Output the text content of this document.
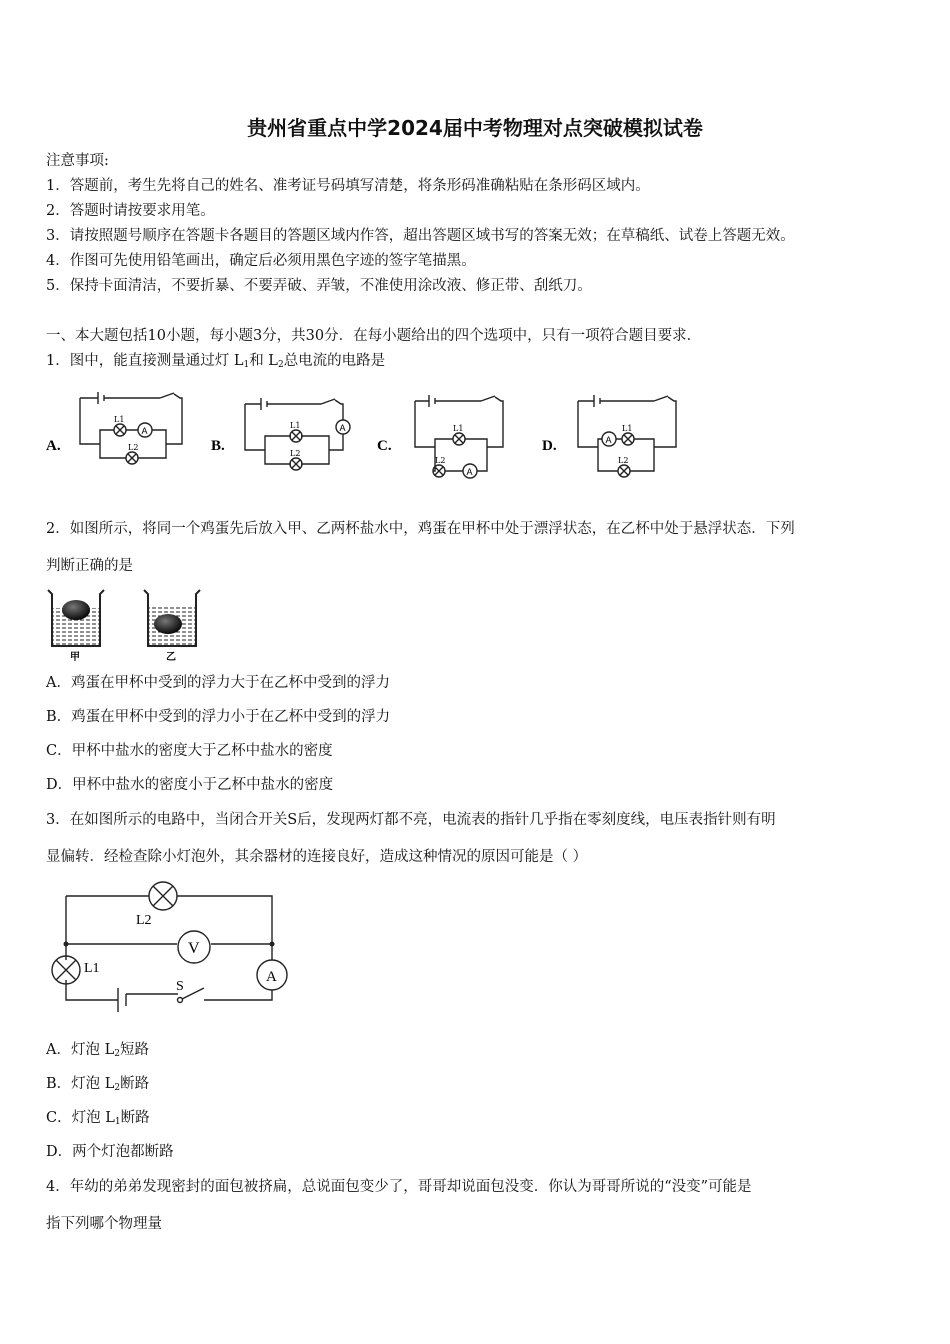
贵州省重点中学2024届中考物理对点突破模拟试卷
注意事项:
1．答题前，考生先将自己的姓名、准考证号码填写清楚，将条形码准确粘贴在条形码区域内。
2．答题时请按要求用笔。
3．请按照题号顺序在答题卡各题目的答题区域内作答，超出答题区域书写的答案无效；在草稿纸、试卷上答题无效。
4．作图可先使用铅笔画出，确定后必须用黑色字迹的签字笔描黑。
5．保持卡面清洁，不要折暴、不要弄破、弄皱，不准使用涂改液、修正带、刮纸刀。
一、本大题包括10小题，每小题3分，共30分．在每小题给出的四个选项中，只有一项符合题目要求．
1．图中，能直接测量通过灯 $L_1$和 $L_2$总电流的电路是
A.	B.	C.	D.
A
L1
L2
A
L1
L2
A
L1
L2
A
L1
L2
2．如图所示，将同一个鸡蛋先后放入甲、乙两杯盐水中，鸡蛋在甲杯中处于漂浮状态，在乙杯中处于悬浮状态．下列
判断正确的是
甲	乙
A．鸡蛋在甲杯中受到的浮力大于在乙杯中受到的浮力
B．鸡蛋在甲杯中受到的浮力小于在乙杯中受到的浮力
C．甲杯中盐水的密度大于乙杯中盐水的密度
D．甲杯中盐水的密度小于乙杯中盐水的密度
3．在如图所示的电路中，当闭合开关S后，发现两灯都不亮，电流表的指针几乎指在零刻度线，电压表指针则有明
显偏转．经检查除小灯泡外，其余器材的连接良好，造成这种情况的原因可能是（ ）
L2
V
L1
A
S
A．灯泡 $L_2$短路
B．灯泡 $L_2$断路
C．灯泡 $L_1$断路
D．两个灯泡都断路
4．年幼的弟弟发现密封的面包被挤扁，总说面包变少了，哥哥却说面包没变．你认为哥哥所说的“没变”可能是
指下列哪个物理量
